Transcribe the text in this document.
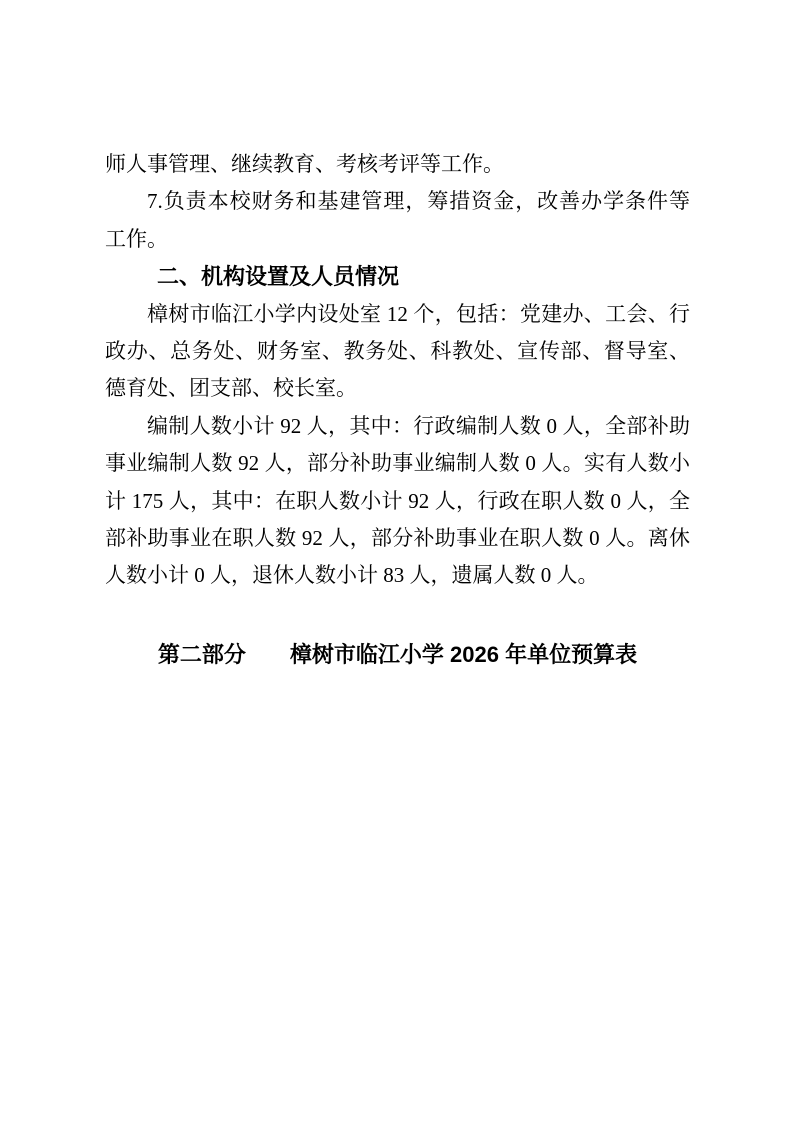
师人事管理、继续教育、考核考评等工作。
7.负责本校财务和基建管理，筹措资金，改善办学条件等
工作。
二、机构设置及人员情况
樟树市临江小学内设处室 12 个，包括：党建办、工会、行
政办、总务处、财务室、教务处、科教处、宣传部、督导室、
德育处、团支部、校长室。
编制人数小计 92 人，其中：行政编制人数 0 人，全部补助
事业编制人数 92 人，部分补助事业编制人数 0 人。实有人数小
计 175 人，其中：在职人数小计 92 人，行政在职人数 0 人，全
部补助事业在职人数 92 人，部分补助事业在职人数 0 人。离休
人数小计 0 人，退休人数小计 83 人，遗属人数 0 人。
第二部分　　樟树市临江小学 2026 年单位预算表
